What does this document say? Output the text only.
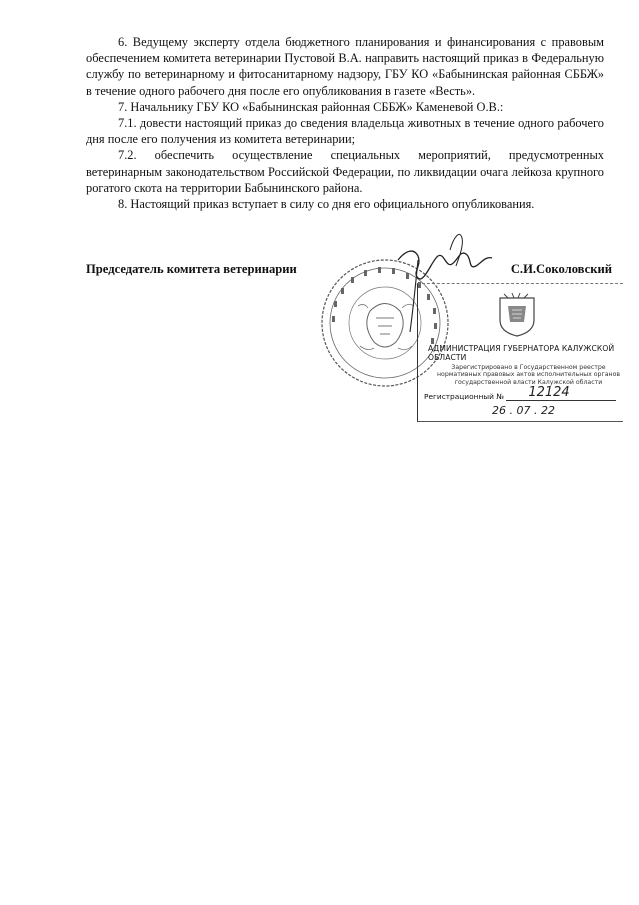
6. Ведущему эксперту отдела бюджетного планирования и финансирования с правовым обеспечением комитета ветеринарии Пустовой В.А. направить настоящий приказ в Федеральную службу по ветеринарному и фитосанитарному надзору, ГБУ КО «Бабынинская районная СББЖ» в течение одного рабочего дня после его опубликования в газете «Весть».

7. Начальнику ГБУ КО «Бабынинская районная СББЖ» Каменевой О.В.:

7.1. довести настоящий приказ до сведения владельца животных в течение одного рабочего дня после его получения из комитета ветеринарии;

7.2. обеспечить осуществление специальных мероприятий, предусмотренных ветеринарным законодательством Российской Федерации, по ликвидации очага лейкоза крупного рогатого скота на территории Бабынинского района.

8. Настоящий приказ вступает в силу со дня его официального опубликования.

Председатель комитета ветеринарии	С.И.Соколовский
АДМИНИСТРАЦИЯ ГУБЕРНАТОРА КАЛУЖСКОЙ ОБЛАСТИ
Зарегистрировано в Государственном реестре нормативных правовых актов исполнительных органов государственной власти Калужской области
Регистрационный № 12124
26 . 07 . 22
